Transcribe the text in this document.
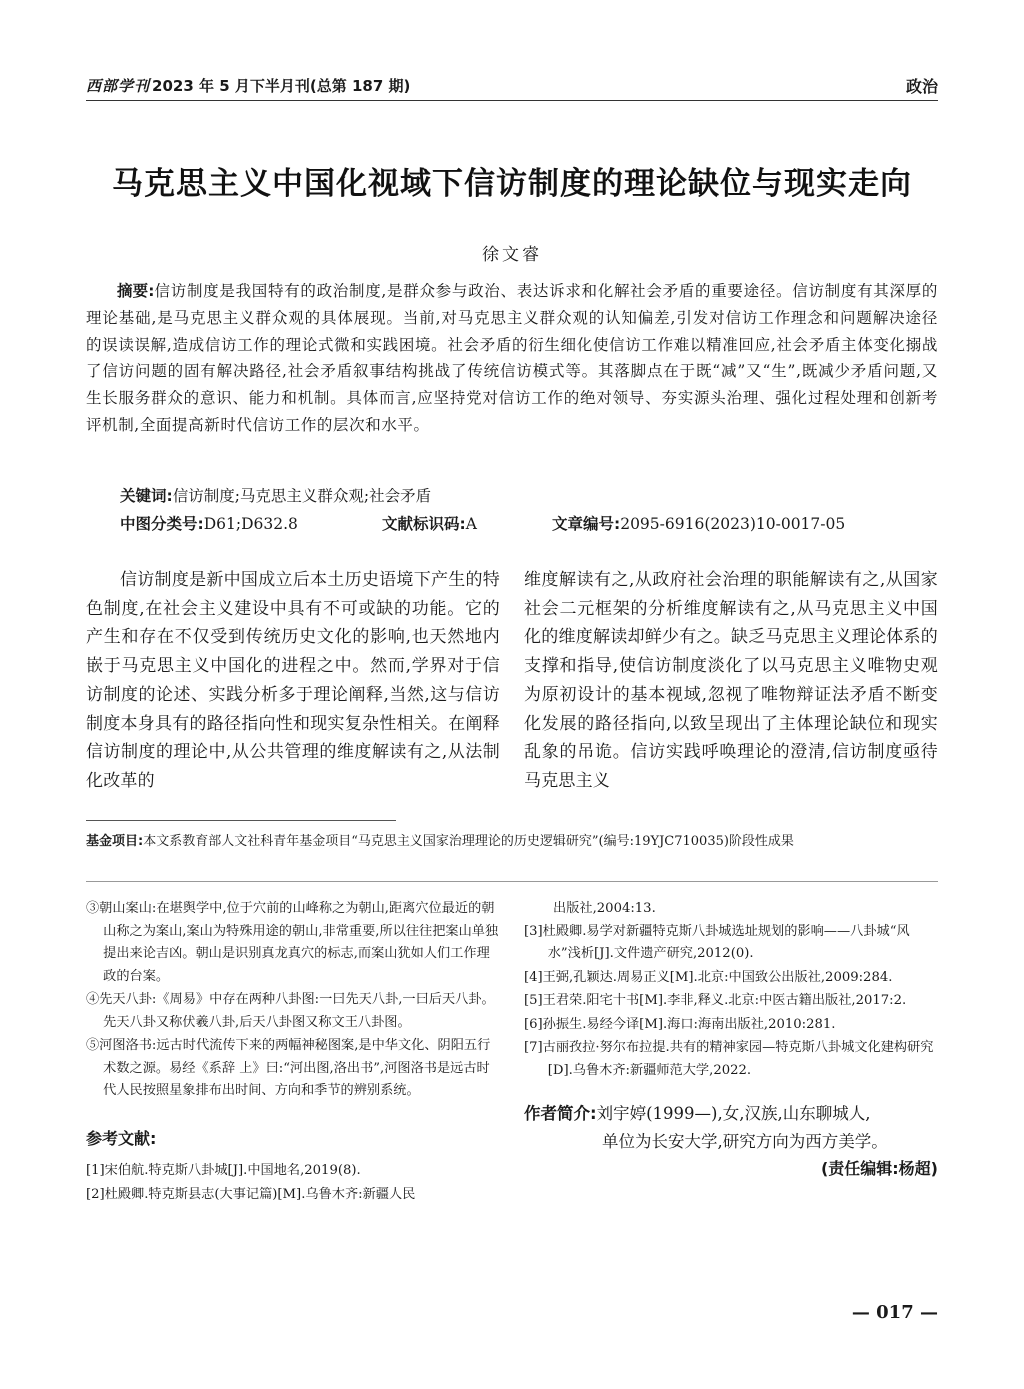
西部学刊 2023 年 5 月下半月刊(总第 187 期)	政治
马克思主义中国化视域下信访制度的理论缺位与现实走向
徐文睿
摘要:信访制度是我国特有的政治制度,是群众参与政治、表达诉求和化解社会矛盾的重要途径。信访制度有其深厚的理论基础,是马克思主义群众观的具体展现。当前,对马克思主义群众观的认知偏差,引发对信访工作理念和问题解决途径的误读误解,造成信访工作的理论式微和实践困境。社会矛盾的衍生细化使信访工作难以精准回应,社会矛盾主体变化搦战了信访问题的固有解决路径,社会矛盾叙事结构挑战了传统信访模式等。其落脚点在于既“减”又“生”,既减少矛盾问题,又生长服务群众的意识、能力和机制。具体而言,应坚持党对信访工作的绝对领导、夯实源头治理、强化过程处理和创新考评机制,全面提高新时代信访工作的层次和水平。
关键词:信访制度;马克思主义群众观;社会矛盾
中图分类号:D61;D632.8	文献标识码:A	文章编号:2095-6916(2023)10-0017-05

信访制度是新中国成立后本土历史语境下产生的特色制度,在社会主义建设中具有不可或缺的功能。它的产生和存在不仅受到传统历史文化的影响,也天然地内嵌于马克思主义中国化的进程之中。然而,学界对于信访制度的论述、实践分析多于理论阐释,当然,这与信访制度本身具有的路径指向性和现实复杂性相关。在阐释信访制度的理论中,从公共管理的维度解读有之,从法制化改革的

维度解读有之,从政府社会治理的职能解读有之,从国家社会二元框架的分析维度解读有之,从马克思主义中国化的维度解读却鲜少有之。缺乏马克思主义理论体系的支撑和指导,使信访制度淡化了以马克思主义唯物史观为原初设计的基本视域,忽视了唯物辩证法矛盾不断变化发展的路径指向,以致呈现出了主体理论缺位和现实乱象的吊诡。信访实践呼唤理论的澄清,信访制度亟待马克思主义

基金项目:本文系教育部人文社科青年基金项目“马克思主义国家治理理论的历史逻辑研究”(编号:19YJC710035)阶段性成果
③朝山案山:在堪舆学中,位于穴前的山峰称之为朝山,距离穴位最近的朝山称之为案山,案山为特殊用途的朝山,非常重要,所以往往把案山单独提出来论吉凶。朝山是识别真龙真穴的标志,而案山犹如人们工作理政的台案。
④先天八卦:《周易》中存在两种八卦图:一曰先天八卦,一曰后天八卦。先天八卦又称伏羲八卦,后天八卦图又称文王八卦图。
⑤河图洛书:远古时代流传下来的两幅神秘图案,是中华文化、阴阳五行术数之源。易经《系辞 上》曰:“河出图,洛出书”,河图洛书是远古时代人民按照星象排布出时间、方向和季节的辨别系统。
参考文献:
[1]宋伯航.特克斯八卦城[J].中国地名,2019(8).
[2]杜殿卿.特克斯县志(大事记篇)[M].乌鲁木齐:新疆人民
出版社,2004:13.
[3]杜殿卿.易学对新疆特克斯八卦城选址规划的影响——八卦城“风水”浅析[J].文件遗产研究,2012(0).
[4]王弼,孔颖达.周易正义[M].北京:中国致公出版社,2009:284.
[5]王君荣.阳宅十书[M].李非,释义.北京:中医古籍出版社,2017:2.
[6]孙振生.易经今译[M].海口:海南出版社,2010:281.
[7]古丽孜拉·努尔布拉提.共有的精神家园—特克斯八卦城文化建构研究[D].乌鲁木齐:新疆师范大学,2022.
作者简介:刘宇婷(1999—),女,汉族,山东聊城人,
单位为长安大学,研究方向为西方美学。
(责任编辑:杨超)
— 017 —
